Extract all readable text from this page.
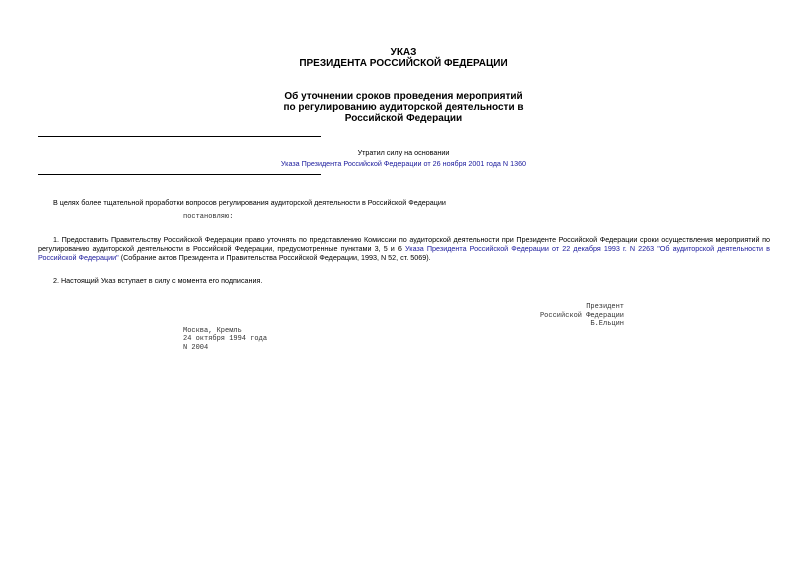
УКАЗ
ПРЕЗИДЕНТА РОССИЙСКОЙ ФЕДЕРАЦИИ
Об уточнении сроков проведения мероприятий
по регулированию аудиторской деятельности в
Российской Федерации
Утратил силу на основании
Указа Президента Российской Федерации от 26 ноября 2001 года N 1360
В целях более тщательной проработки вопросов регулирования аудиторской деятельности в Российской Федерации
постановляю:
1. Предоставить Правительству Российской Федерации право уточнять по представлению Комиссии по аудиторской деятельности при Президенте Российской Федерации сроки осуществления мероприятий по регулированию аудиторской деятельности в Российской Федерации, предусмотренные пунктами 3, 5 и 6 Указа Президента Российской Федерации от 22 декабря 1993 г. N 2263 "Об аудиторской деятельности в Российской Федерации" (Собрание актов Президента и Правительства Российской Федерации, 1993, N 52, ст. 5069).
2. Настоящий Указ вступает в силу с момента его подписания.
Президент
Российской Федерации
Б.Ельцин
Москва, Кремль
24 октября 1994 года
N 2004
